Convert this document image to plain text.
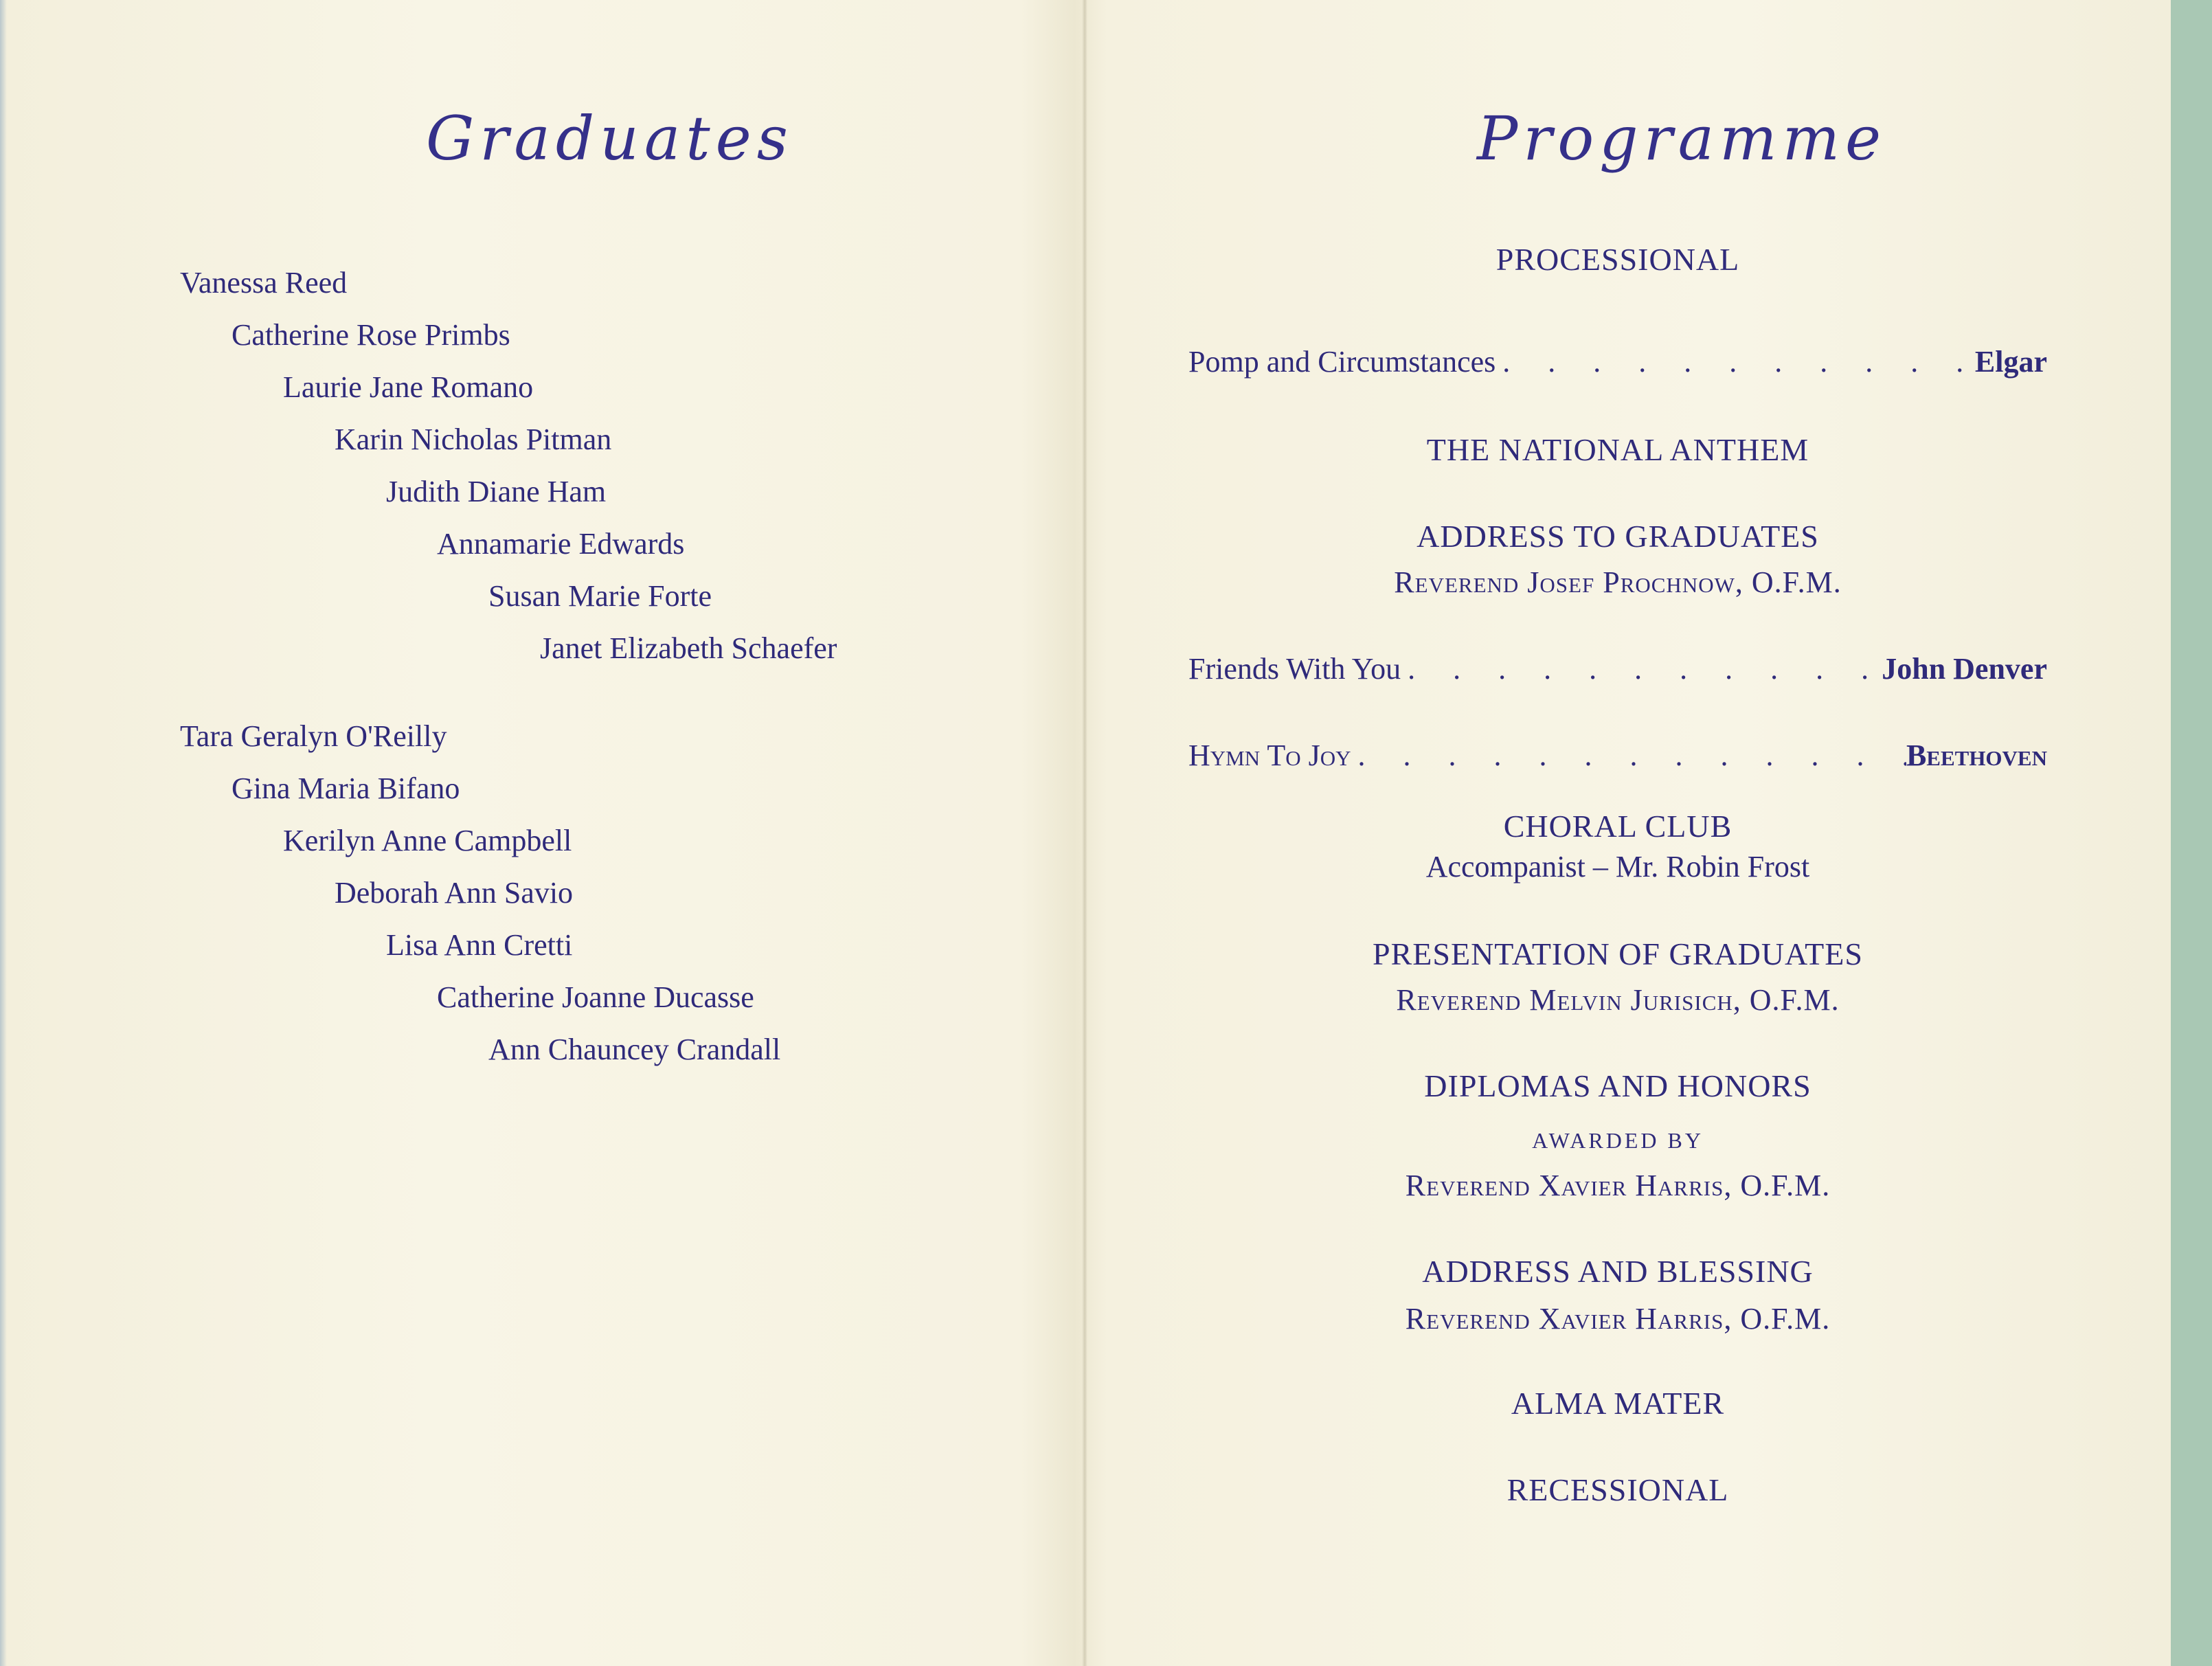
Graduates
Vanessa Reed
Catherine Rose Primbs
Laurie Jane Romano
Karin Nicholas Pitman
Judith Diane Ham
Annamarie Edwards
Susan Marie Forte
Janet Elizabeth Schaefer
Tara Geralyn O'Reilly
Gina Maria Bifano
Kerilyn Anne Campbell
Deborah Ann Savio
Lisa Ann Cretti
Catherine Joanne Ducasse
Ann Chauncey Crandall
Programme
PROCESSIONAL
Pomp and Circumstances . . .	Elgar
THE NATIONAL ANTHEM
ADDRESS TO GRADUATES
Reverend Josef Prochnow, O.F.M.
Friends With You . . .	John Denver
Hymn To Joy . . .	Beethoven
CHORAL CLUB
Accompanist – Mr. Robin Frost
PRESENTATION OF GRADUATES
Reverend Melvin Jurisich, O.F.M.
DIPLOMAS AND HONORS
AWARDED BY
Reverend Xavier Harris, O.F.M.
ADDRESS AND BLESSING
Reverend Xavier Harris, O.F.M.
ALMA MATER
RECESSIONAL
